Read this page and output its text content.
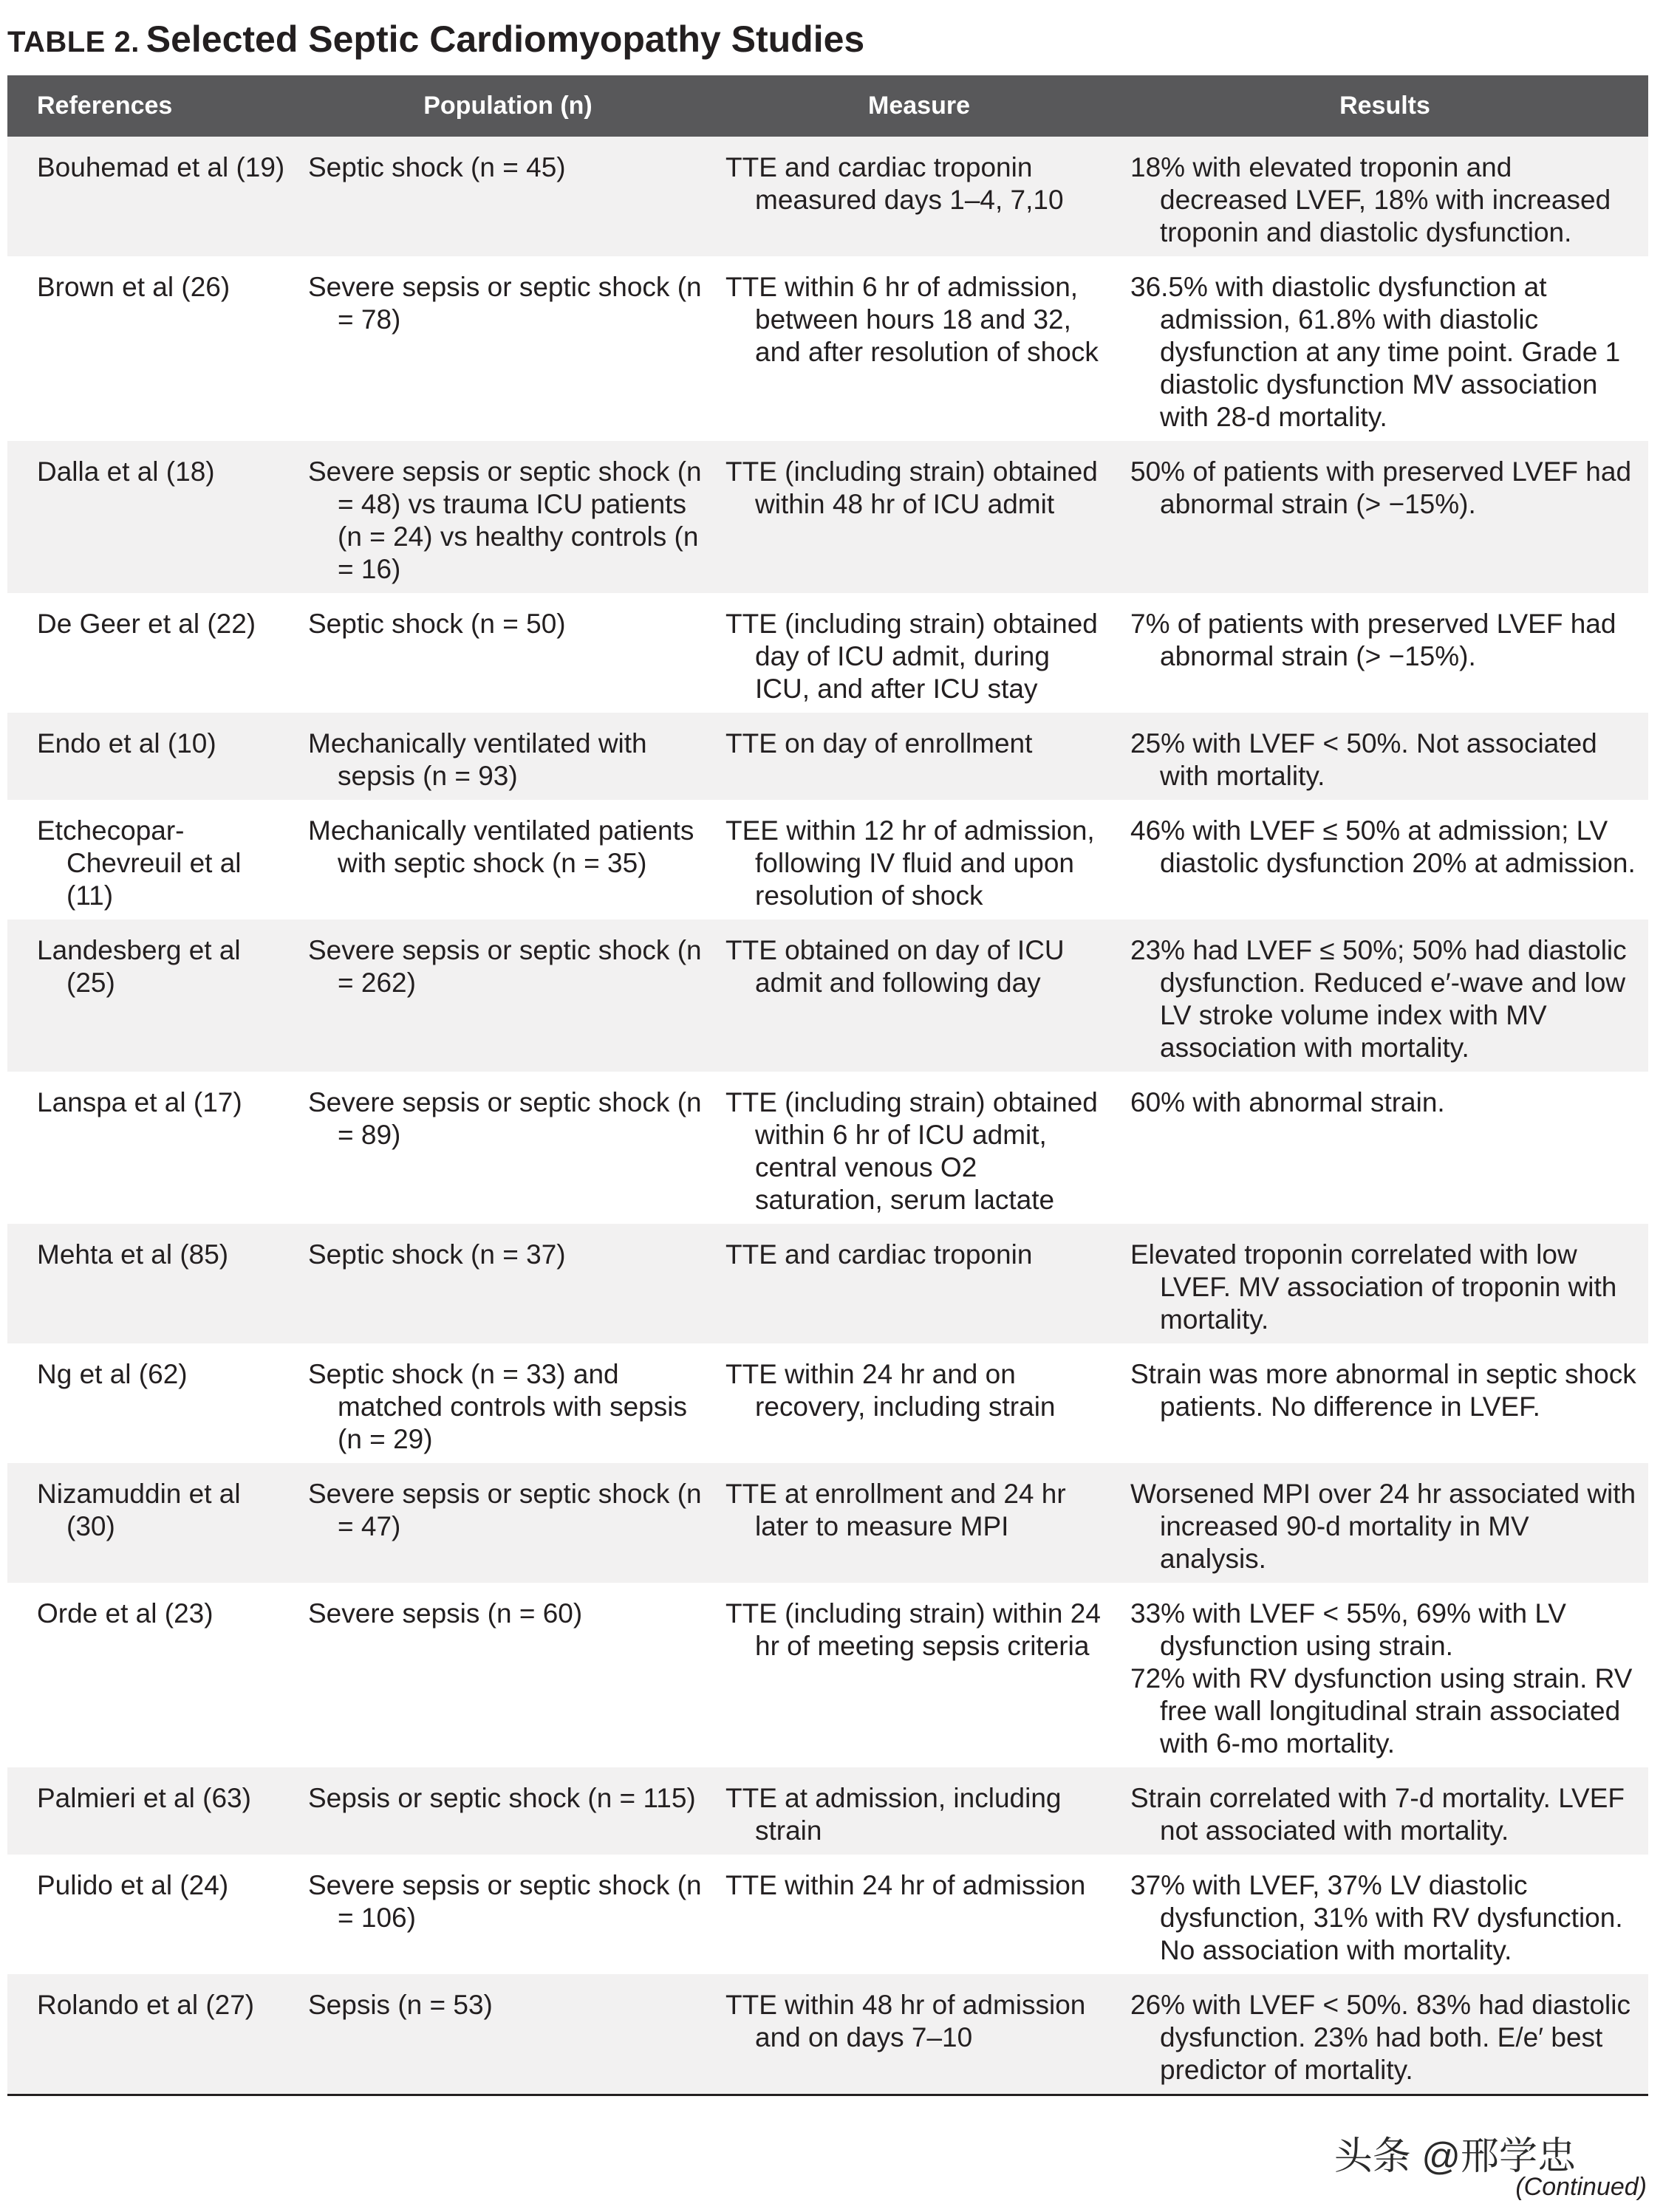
TABLE 2. Selected Septic Cardiomyopathy Studies
References	Population (n)	Measure	Results

Bouhemad et al (19)	Septic shock (n = 45)	TTE and cardiac troponin measured days 1–4, 7,10	18% with elevated troponin and decreased LVEF, 18% with increased troponin and diastolic dysfunction.

Brown et al (26)	Severe sepsis or septic shock (n = 78)	TTE within 6 hr of admission, between hours 18 and 32, and after resolution of shock	36.5% with diastolic dysfunction at admission, 61.8% with diastolic dysfunction at any time point. Grade 1 diastolic dysfunction MV association with 28-d mortality.

Dalla et al (18)	Severe sepsis or septic shock (n = 48) vs trauma ICU patients (n = 24) vs healthy controls (n = 16)	TTE (including strain) obtained within 48 hr of ICU admit	50% of patients with preserved LVEF had abnormal strain (> −15%).

De Geer et al (22)	Septic shock (n = 50)	TTE (including strain) obtained day of ICU admit, during ICU, and after ICU stay	7% of patients with preserved LVEF had abnormal strain (> −15%).

Endo et al (10)	Mechanically ventilated with sepsis (n = 93)	TTE on day of enrollment	25% with LVEF < 50%. Not associated with mortality.

Etchecopar-Chevreuil et al (11)	Mechanically ventilated patients with septic shock (n = 35)	TEE within 12 hr of admission, following IV fluid and upon resolution of shock	46% with LVEF ≤ 50% at admission; LV diastolic dysfunction 20% at admission.

Landesberg et al (25)	Severe sepsis or septic shock (n = 262)	TTE obtained on day of ICU admit and following day	23% had LVEF ≤ 50%; 50% had diastolic dysfunction. Reduced e′-wave and low LV stroke volume index with MV association with mortality.

Lanspa et al (17)	Severe sepsis or septic shock (n = 89)	TTE (including strain) obtained within 6 hr of ICU admit, central venous O2 saturation, serum lactate	60% with abnormal strain.

Mehta et al (85)	Septic shock (n = 37)	TTE and cardiac troponin	Elevated troponin correlated with low LVEF. MV association of troponin with mortality.

Ng et al (62)	Septic shock (n = 33) and matched controls with sepsis (n = 29)	TTE within 24 hr and on recovery, including strain	Strain was more abnormal in septic shock patients. No difference in LVEF.

Nizamuddin et al (30)	Severe sepsis or septic shock (n = 47)	TTE at enrollment and 24 hr later to measure MPI	Worsened MPI over 24 hr associated with increased 90-d mortality in MV analysis.

Orde et al (23)	Severe sepsis (n = 60)	TTE (including strain) within 24 hr of meeting sepsis criteria	33% with LVEF < 55%, 69% with LV dysfunction using strain.
72% with RV dysfunction using strain. RV free wall longitudinal strain associated with 6-mo mortality.

Palmieri et al (63)	Sepsis or septic shock (n = 115)	TTE at admission, including strain	Strain correlated with 7-d mortality. LVEF not associated with mortality.

Pulido et al (24)	Severe sepsis or septic shock (n = 106)	TTE within 24 hr of admission	37% with LVEF, 37% LV diastolic dysfunction, 31% with RV dysfunction. No association with mortality.

Rolando et al (27)	Sepsis (n = 53)	TTE within 48 hr of admission and on days 7–10	26% with LVEF < 50%. 83% had diastolic dysfunction. 23% had both. E/e′ best predictor of mortality.
头条 @邢学忠
(Continued)
